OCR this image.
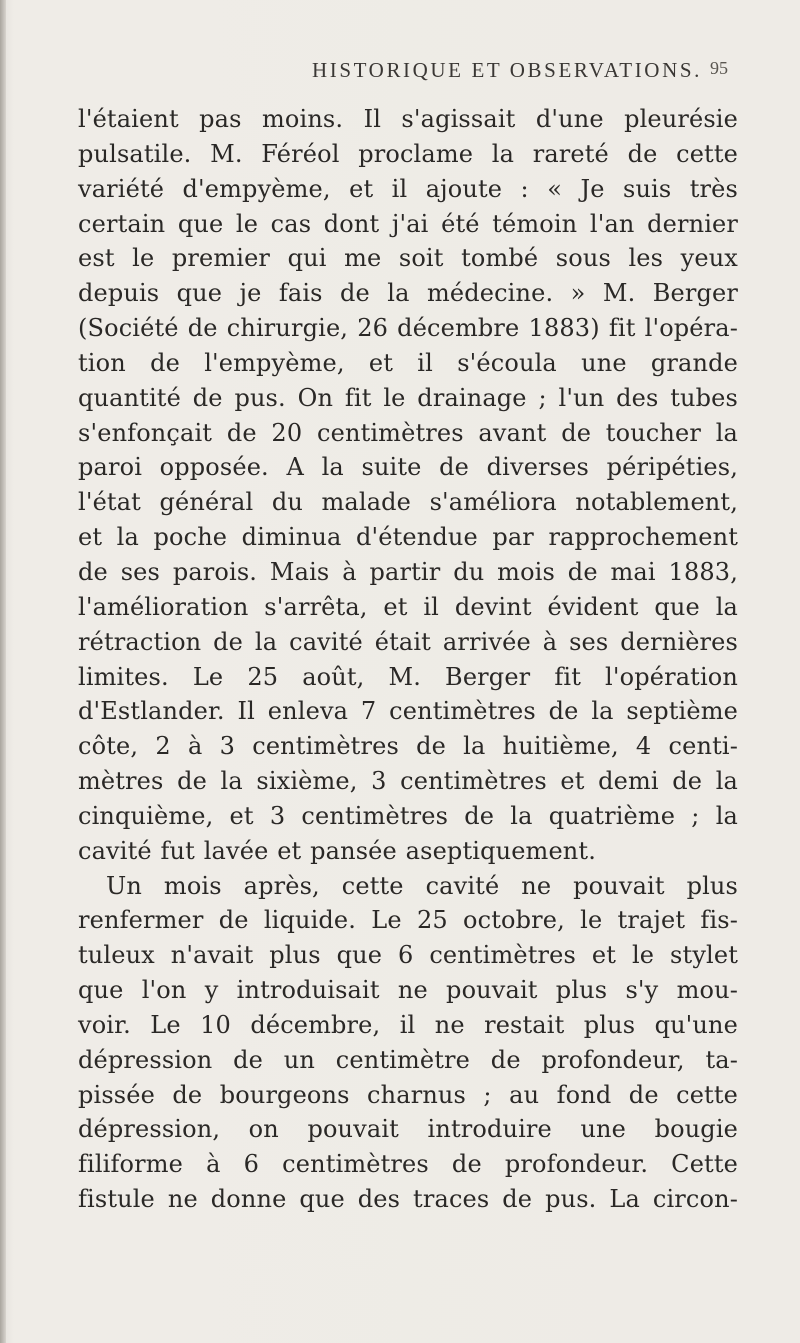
HISTORIQUE ET OBSERVATIONS. 95
l'étaient pas moins. Il s'agissait d'une pleurésie
pulsatile. M. Féréol proclame la rareté de cette
variété d'empyème, et il ajoute : « Je suis très
certain que le cas dont j'ai été témoin l'an dernier
est le premier qui me soit tombé sous les yeux
depuis que je fais de la médecine. » M. Berger
(Société de chirurgie, 26 décembre 1883) fit l'opéra-
tion de l'empyème, et il s'écoula une grande
quantité de pus. On fit le drainage ; l'un des tubes
s'enfonçait de 20 centimètres avant de toucher la
paroi opposée. A la suite de diverses péripéties,
l'état général du malade s'améliora notablement,
et la poche diminua d'étendue par rapprochement
de ses parois. Mais à partir du mois de mai 1883,
l'amélioration s'arrêta, et il devint évident que la
rétraction de la cavité était arrivée à ses dernières
limites. Le 25 août, M. Berger fit l'opération
d'Estlander. Il enleva 7 centimètres de la septième
côte, 2 à 3 centimètres de la huitième, 4 centi-
mètres de la sixième, 3 centimètres et demi de la
cinquième, et 3 centimètres de la quatrième ; la
cavité fut lavée et pansée aseptiquement.
Un mois après, cette cavité ne pouvait plus
renfermer de liquide. Le 25 octobre, le trajet fis-
tuleux n'avait plus que 6 centimètres et le stylet
que l'on y introduisait ne pouvait plus s'y mou-
voir. Le 10 décembre, il ne restait plus qu'une
dépression de un centimètre de profondeur, ta-
pissée de bourgeons charnus ; au fond de cette
dépression, on pouvait introduire une bougie
filiforme à 6 centimètres de profondeur. Cette
fistule ne donne que des traces de pus. La circon-
